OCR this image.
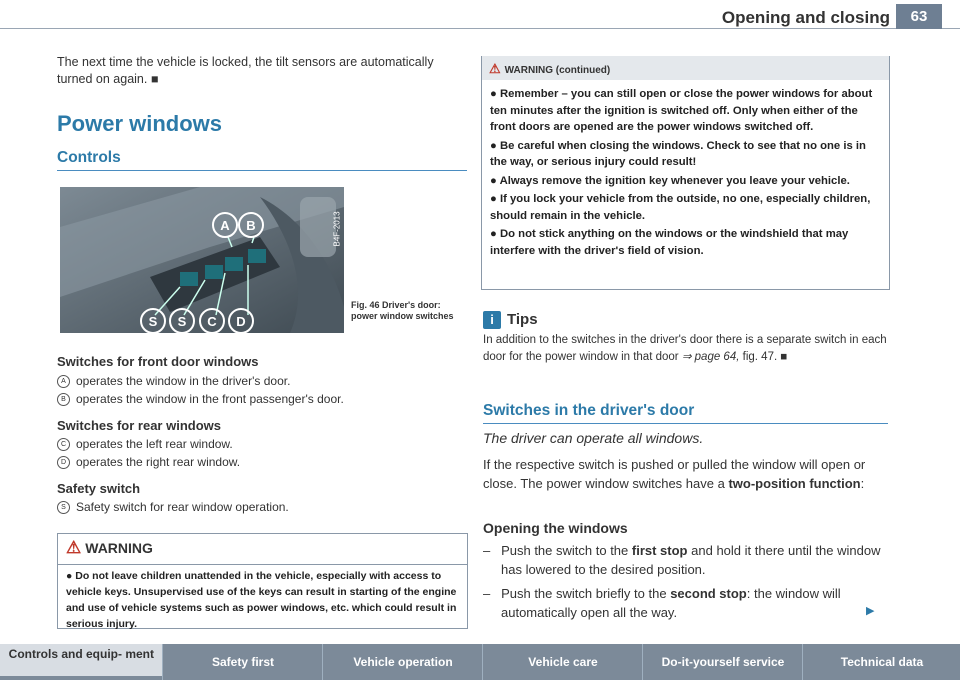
Opening and closing	63
The next time the vehicle is locked, the tilt sensors are automatically turned on again. ■
Power windows
Controls
A B
S S C D
B4F-2013
Fig. 46 Driver's door: power window switches
Switches for front door windows
A operates the window in the driver's door.
B operates the window in the front passenger's door.
Switches for rear windows
C operates the left rear window.
D operates the right rear window.
Safety switch
S Safety switch for rear window operation.
⚠ WARNING
● Do not leave children unattended in the vehicle, especially with access to vehicle keys. Unsupervised use of the keys can result in starting of the engine and use of vehicle systems such as power windows, etc. which could result in serious injury.
⚠ WARNING (continued)
● Remember – you can still open or close the power windows for about ten minutes after the ignition is switched off. Only when either of the front doors are opened are the power windows switched off.
● Be careful when closing the windows. Check to see that no one is in the way, or serious injury could result!
● Always remove the ignition key whenever you leave your vehicle.
● If you lock your vehicle from the outside, no one, especially children, should remain in the vehicle.
● Do not stick anything on the windows or the windshield that may interfere with the driver's field of vision.
i Tips
In addition to the switches in the driver's door there is a separate switch in each door for the power window in that door ⇒ page 64, fig. 47. ■
Switches in the driver's door
The driver can operate all windows.
If the respective switch is pushed or pulled the window will open or close. The power window switches have a two-position function:
Opening the windows
–   Push the switch to the first stop and hold it there until the window has lowered to the desired position.
–   Push the switch briefly to the second stop: the window will automatically open all the way.	▶
Controls and equip- ment
Safety first	Vehicle operation	Vehicle care	Do-it-yourself service	Technical data
